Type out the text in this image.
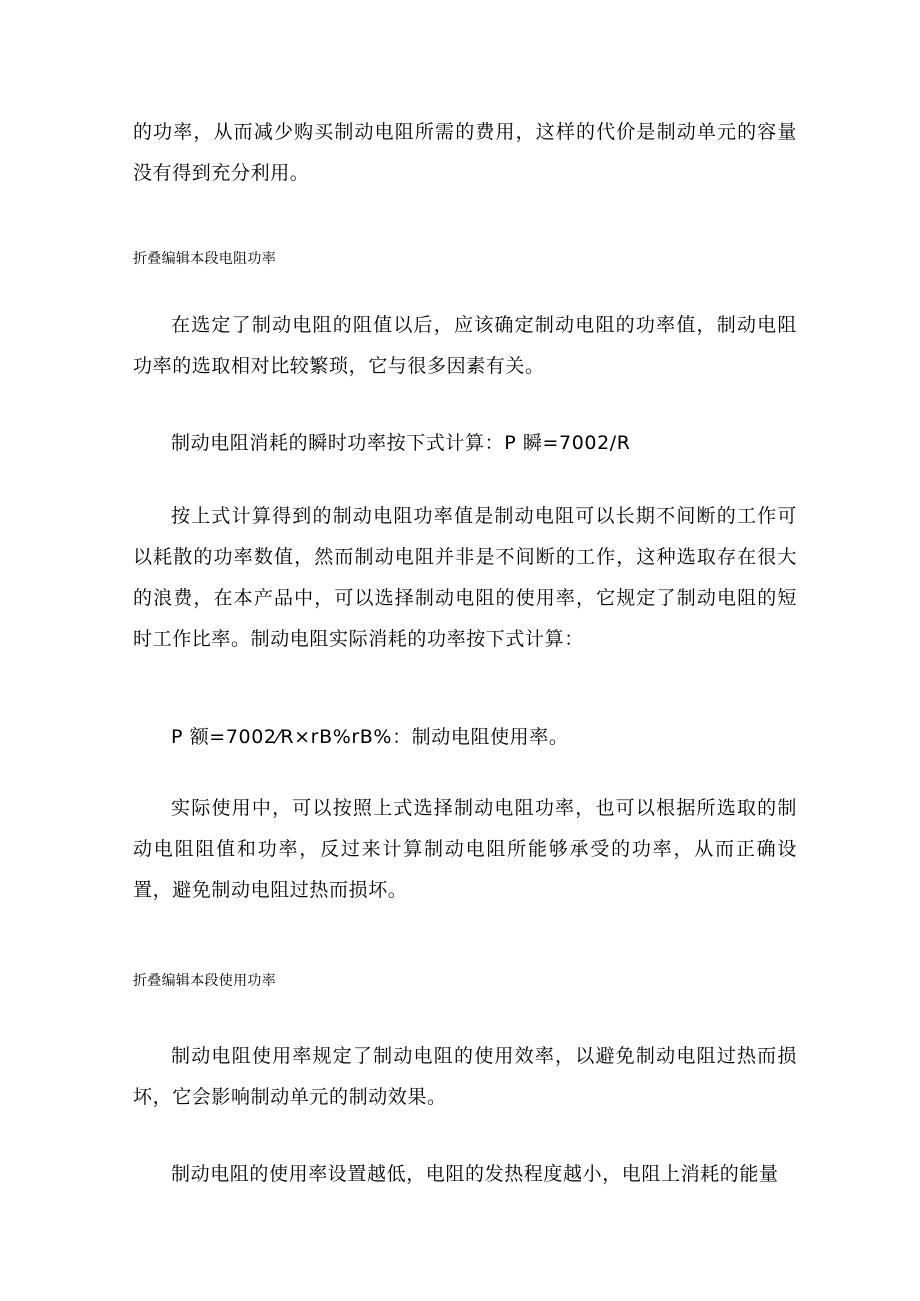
的功率，从而减少购买制动电阻所需的费用，这样的代价是制动单元的容量没有得到充分利用。

折叠编辑本段电阻功率

在选定了制动电阻的阻值以后，应该确定制动电阻的功率值，制动电阻功率的选取相对比较繁琐，它与很多因素有关。

制动电阻消耗的瞬时功率按下式计算：P 瞬=7002/R

按上式计算得到的制动电阻功率值是制动电阻可以长期不间断的工作可以耗散的功率数值，然而制动电阻并非是不间断的工作，这种选取存在很大的浪费，在本产品中，可以选择制动电阻的使用率，它规定了制动电阻的短时工作比率。制动电阻实际消耗的功率按下式计算：

P 额=7002⁄R×rB%rB%：制动电阻使用率。

实际使用中，可以按照上式选择制动电阻功率，也可以根据所选取的制动电阻阻值和功率，反过来计算制动电阻所能够承受的功率，从而正确设置，避免制动电阻过热而损坏。

折叠编辑本段使用功率

制动电阻使用率规定了制动电阻的使用效率，以避免制动电阻过热而损坏，它会影响制动单元的制动效果。

制动电阻的使用率设置越低，电阻的发热程度越小，电阻上消耗的能量
